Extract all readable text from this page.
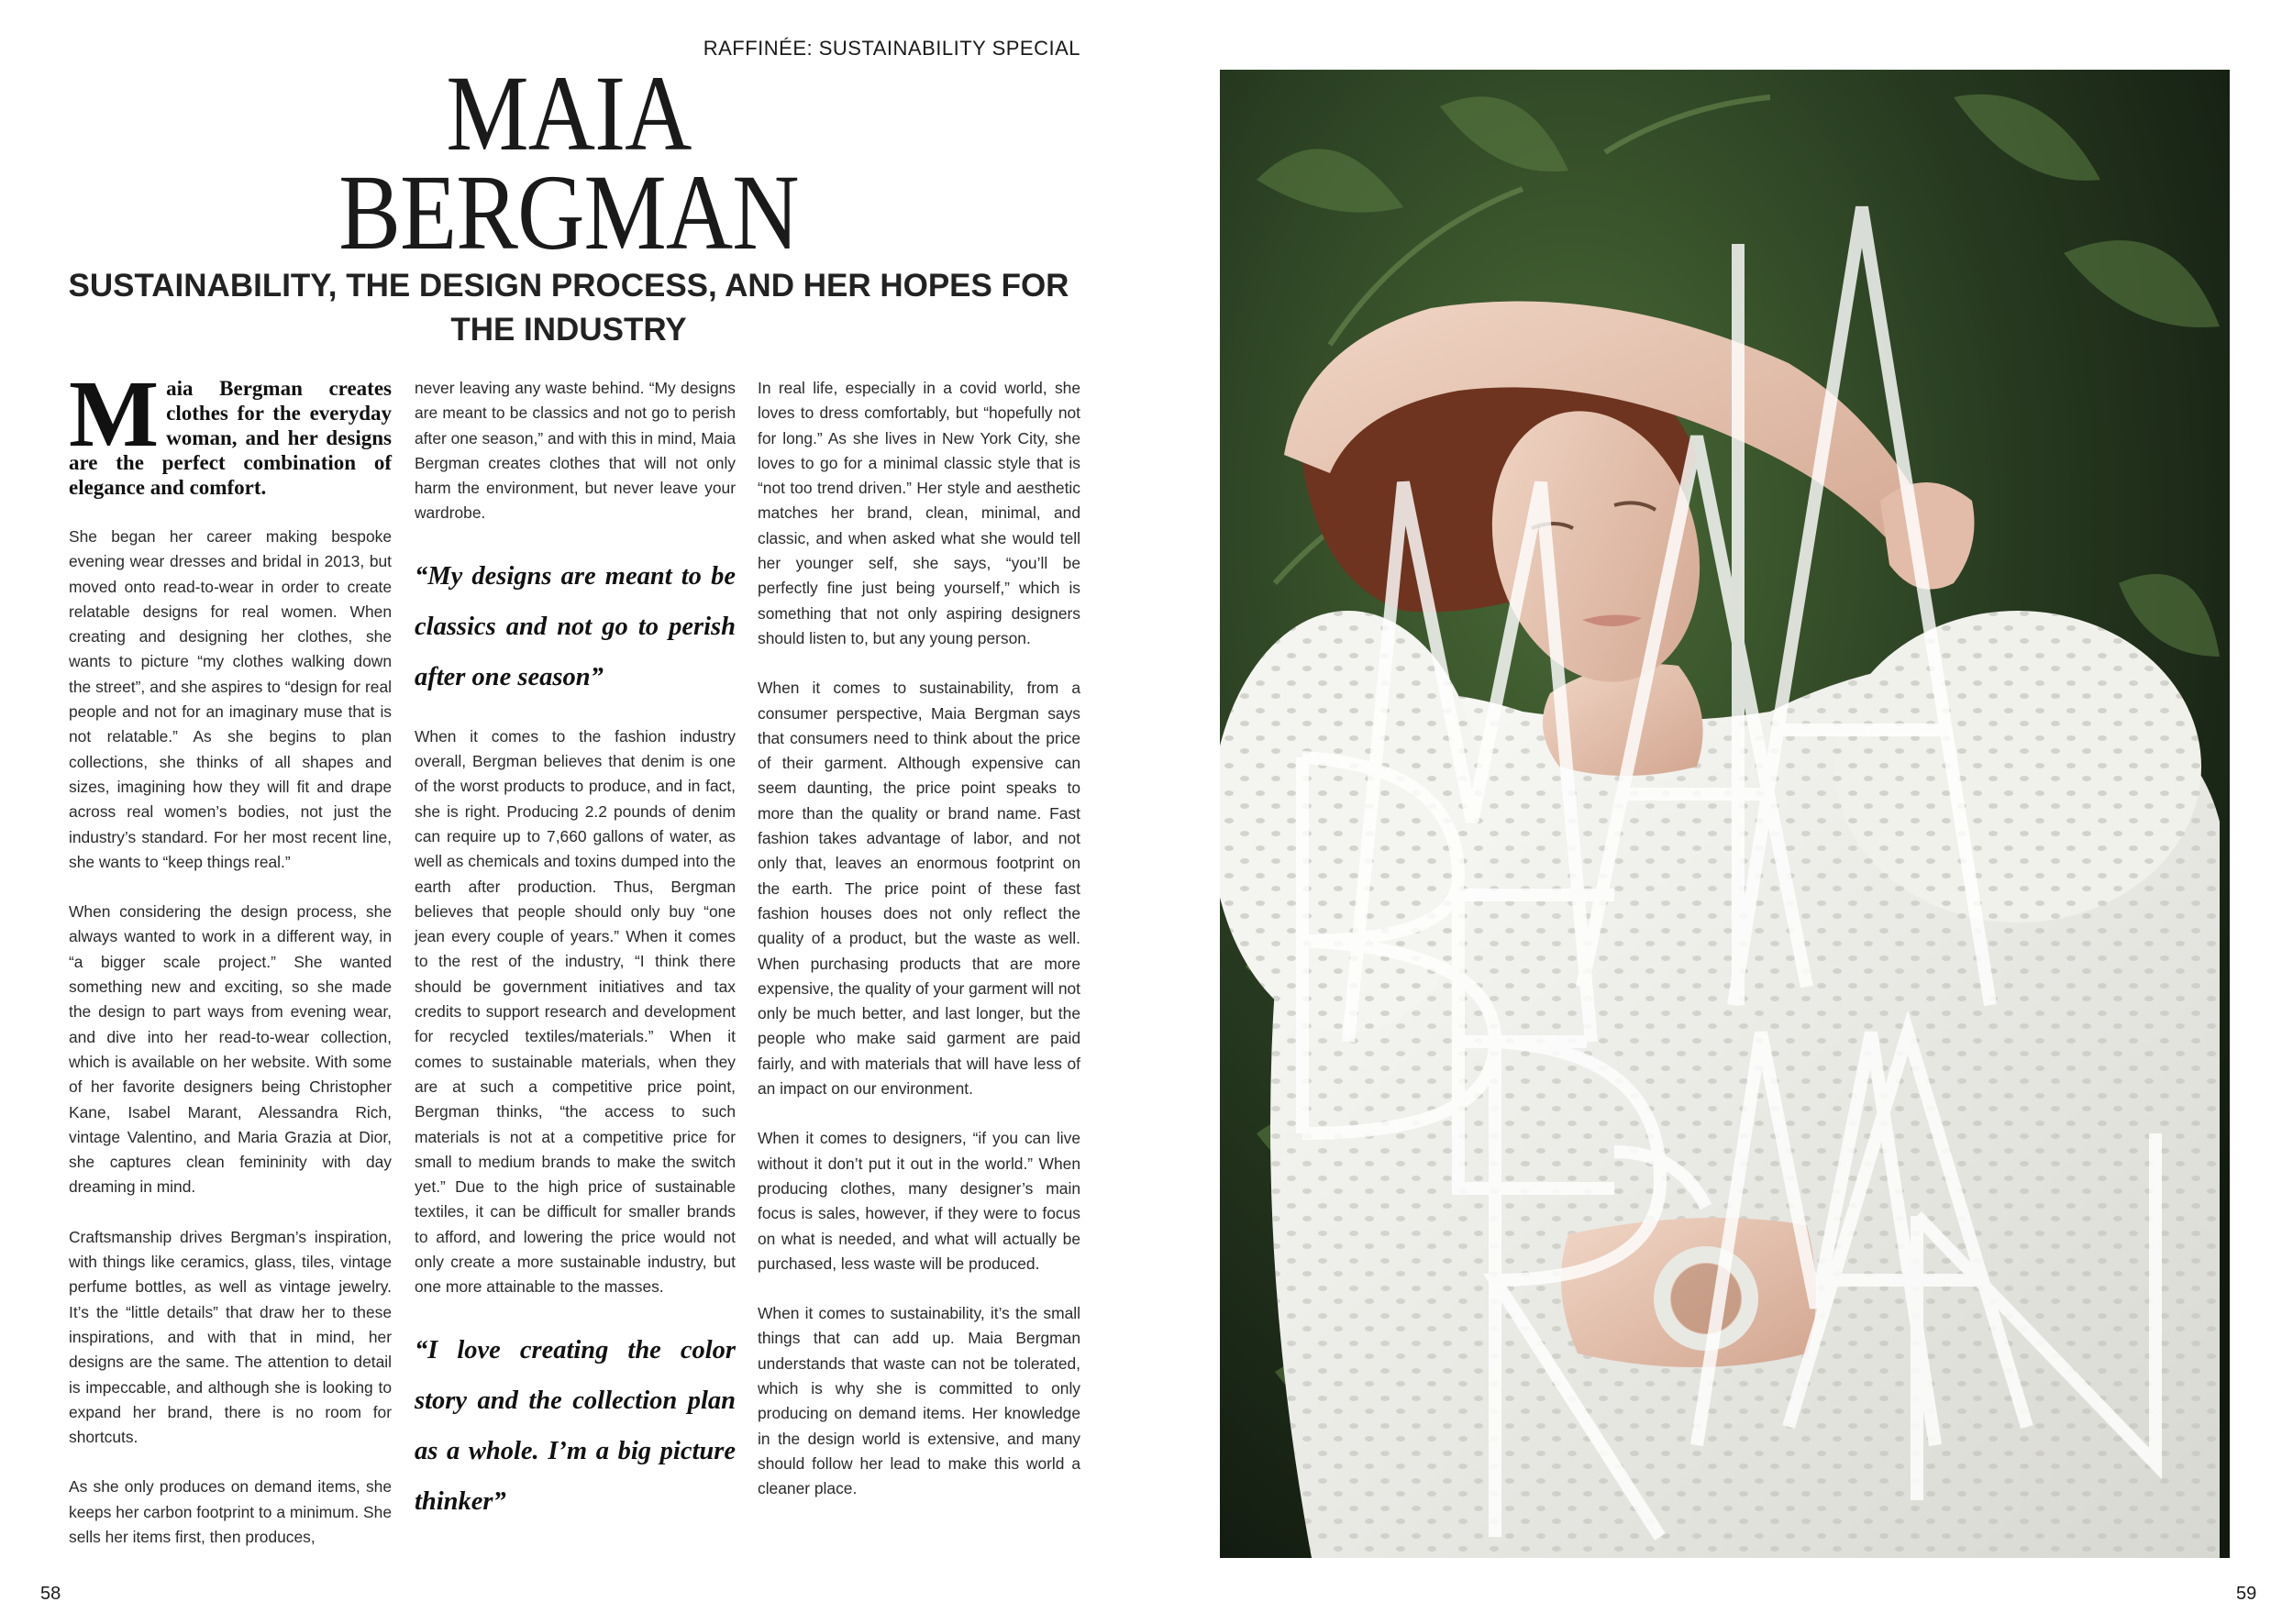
RAFFINÉE: SUSTAINABILITY SPECIAL
MAIA
BERGMAN
SUSTAINABILITY, THE DESIGN PROCESS, AND HER HOPES FOR
THE INDUSTRY
M aia Bergman creates clothes for the everyday woman, and her designs are the perfect combination of elegance and comfort.

She began her career making bespoke evening wear dresses and bridal in 2013, but moved onto read-to-wear in order to create relatable designs for real women. When creating and designing her clothes, she wants to picture “my clothes walking down the street”, and she aspires to “design for real people and not for an imaginary muse that is not relatable.” As she begins to plan collections, she thinks of all shapes and sizes, imagining how they will fit and drape across real women’s bodies, not just the industry’s standard. For her most recent line, she wants to “keep things real.”

When considering the design process, she always wanted to work in a different way, in “a bigger scale project.” She wanted something new and exciting, so she made the design to part ways from evening wear, and dive into her read-to-wear collection, which is available on her website. With some of her favorite designers being Christopher Kane, Isabel Marant, Alessandra Rich, vintage Valentino, and Maria Grazia at Dior, she captures clean femininity with day dreaming in mind.

Craftsmanship drives Bergman’s inspiration, with things like ceramics, glass, tiles, vintage perfume bottles, as well as vintage jewelry. It’s the “little details” that draw her to these inspirations, and with that in mind, her designs are the same. The attention to detail is impeccable, and although she is looking to expand her brand, there is no room for shortcuts.

As she only produces on demand items, she keeps her carbon footprint to a minimum. She sells her items first, then produces,

never leaving any waste behind. “My designs are meant to be classics and not go to perish after one season,” and with this in mind, Maia Bergman creates clothes that will not only harm the environment, but never leave your wardrobe.

“My designs are meant to be classics and not go to perish after one season”

When it comes to the fashion industry overall, Bergman believes that denim is one of the worst products to produce, and in fact, she is right. Producing 2.2 pounds of denim can require up to 7,660 gallons of water, as well as chemicals and toxins dumped into the earth after production. Thus, Bergman believes that people should only buy “one jean every couple of years.” When it comes to the rest of the industry, “I think there should be government initiatives and tax credits to support research and development for recycled textiles/materials.” When it comes to sustainable materials, when they are at such a competitive price point, Bergman thinks, “the access to such materials is not at a competitive price for small to medium brands to make the switch yet.” Due to the high price of sustainable textiles, it can be difficult for smaller brands to afford, and lowering the price would not only create a more sustainable industry, but one more attainable to the masses.

“I love creating the color story and the collection plan as a whole. I’m a big picture thinker”

In real life, especially in a covid world, she loves to dress comfortably, but “hopefully not for long.” As she lives in New York City, she loves to go for a minimal classic style that is “not too trend driven.” Her style and aesthetic matches her brand, clean, minimal, and classic, and when asked what she would tell her younger self, she says, “you’ll be perfectly fine just being yourself,” which is something that not only aspiring designers should listen to, but any young person.

When it comes to sustainability, from a consumer perspective, Maia Bergman says that consumers need to think about the price of their garment. Although expensive can seem daunting, the price point speaks to more than the quality or brand name. Fast fashion takes advantage of labor, and not only that, leaves an enormous footprint on the earth. The price point of these fast fashion houses does not only reflect the quality of a product, but the waste as well. When purchasing products that are more expensive, the quality of your garment will not only be much better, and last longer, but the people who make said garment are paid fairly, and with materials that will have less of an impact on our environment.

When it comes to designers, “if you can live without it don’t put it out in the world.” When producing clothes, many designer’s main focus is sales, however, if they were to focus on what is needed, and what will actually be purchased, less waste will be produced.

When it comes to sustainability, it’s the small things that can add up. Maia Bergman understands that waste can not be tolerated, which is why she is committed to only producing on demand items. Her knowledge in the design world is extensive, and many should follow her lead to make this world a cleaner place.

58	59
